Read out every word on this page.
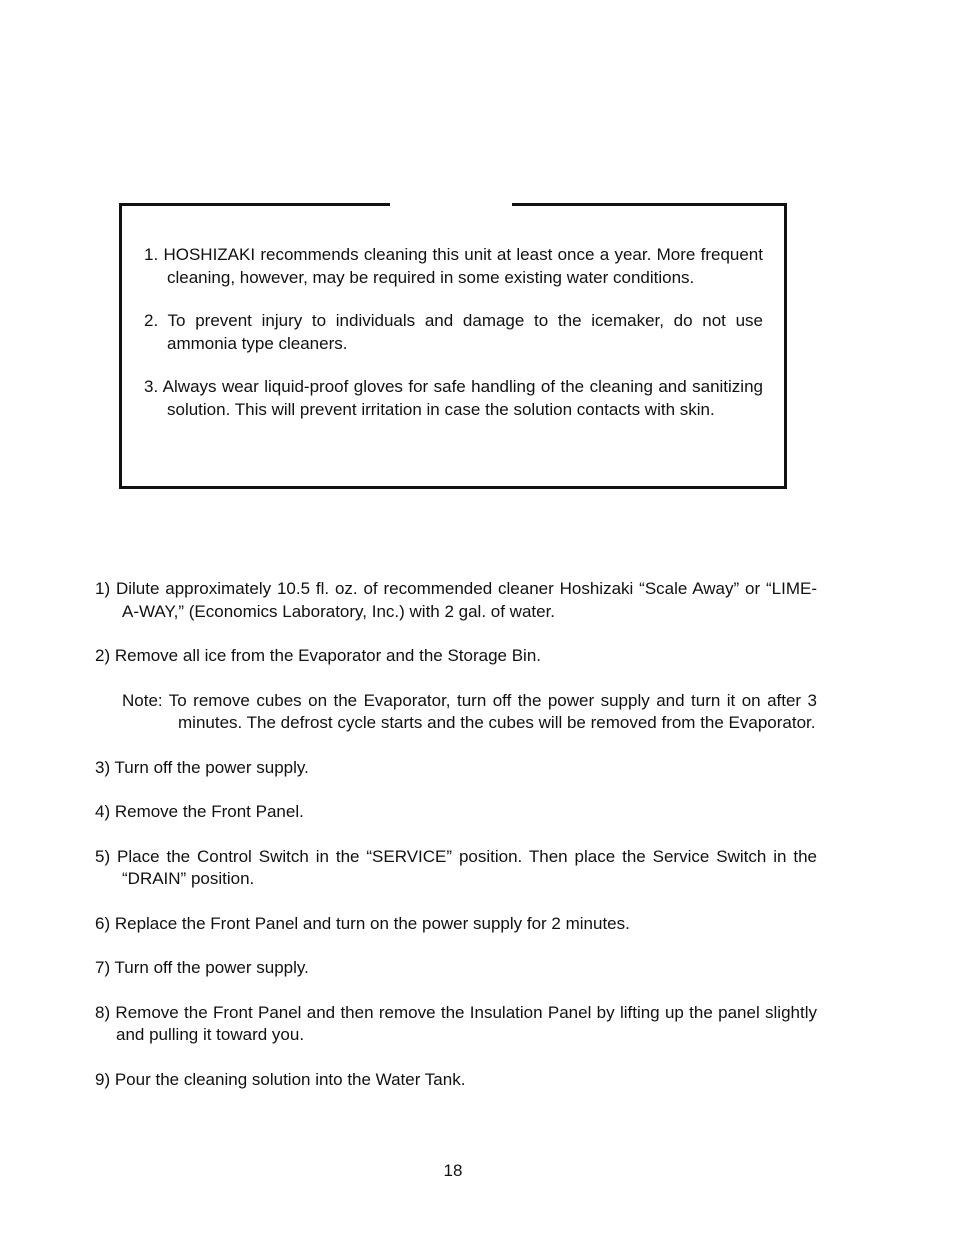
1. HOSHIZAKI recommends cleaning this unit at least once a year. More frequent cleaning, however, may be required in some existing water conditions.

2. To prevent injury to individuals and damage to the icemaker, do not use ammonia type cleaners.

3. Always wear liquid-proof gloves for safe handling of the cleaning and sanitizing solution. This will prevent irritation in case the solution contacts with skin.

1) Dilute approximately 10.5 fl. oz. of recommended cleaner Hoshizaki “Scale Away” or “LIME-A-WAY,” (Economics Laboratory, Inc.) with 2 gal. of water.

2) Remove all ice from the Evaporator and the Storage Bin.

Note: To remove cubes on the Evaporator, turn off the power supply and turn it on after 3 minutes. The defrost cycle starts and the cubes will be removed from the Evaporator.

3) Turn off the power supply.

4) Remove the Front Panel.

5) Place the Control Switch in the “SERVICE” position. Then place the Service Switch in the “DRAIN” position.

6) Replace the Front Panel and turn on the power supply for 2 minutes.

7) Turn off the power supply.

8) Remove the Front Panel and then remove the Insulation Panel by lifting up the panel slightly and pulling it toward you.

9) Pour the cleaning solution into the Water Tank.

18
